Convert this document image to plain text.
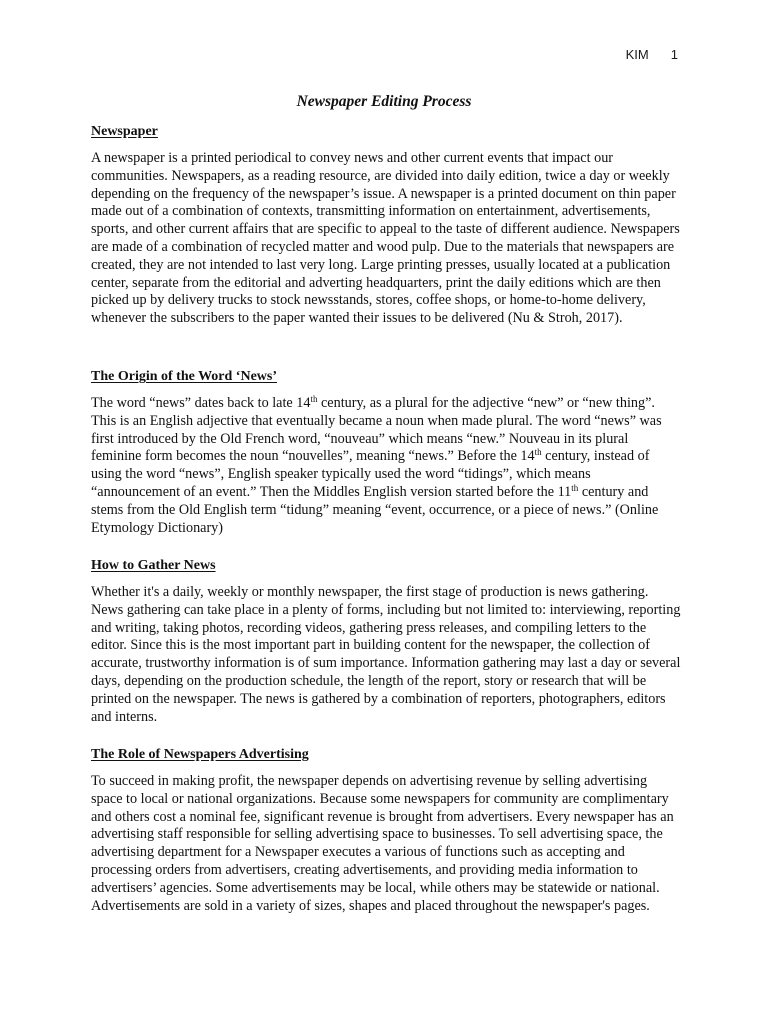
KIM 1
Newspaper Editing Process
Newspaper

A newspaper is a printed periodical to convey news and other current events that impact our communities. Newspapers, as a reading resource, are divided into daily edition, twice a day or weekly depending on the frequency of the newspaper’s issue. A newspaper is a printed document on thin paper made out of a combination of contexts, transmitting information on entertainment, advertisements, sports, and other current affairs that are specific to appeal to the taste of different audience. Newspapers are made of a combination of recycled matter and wood pulp. Due to the materials that newspapers are created, they are not intended to last very long. Large printing presses, usually located at a publication center, separate from the editorial and adverting headquarters, print the daily editions which are then picked up by delivery trucks to stock newsstands, stores, coffee shops, or home-to-home delivery, whenever the subscribers to the paper wanted their issues to be delivered (Nu & Stroh, 2017).

The Origin of the Word ‘News’

The word “news” dates back to late 14th century, as a plural for the adjective “new” or “new thing”. This is an English adjective that eventually became a noun when made plural. The word “news” was first introduced by the Old French word, “nouveau” which means “new.” Nouveau in its plural feminine form becomes the noun “nouvelles”, meaning “news.” Before the 14th century, instead of using the word “news”, English speaker typically used the word “tidings”, which means “announcement of an event.” Then the Middles English version started before the 11th century and stems from the Old English term “tidung” meaning “event, occurrence, or a piece of news.” (Online Etymology Dictionary)

How to Gather News

Whether it's a daily, weekly or monthly newspaper, the first stage of production is news gathering. News gathering can take place in a plenty of forms, including but not limited to: interviewing, reporting and writing, taking photos, recording videos, gathering press releases, and compiling letters to the editor. Since this is the most important part in building content for the newspaper, the collection of accurate, trustworthy information is of sum importance. Information gathering may last a day or several days, depending on the production schedule, the length of the report, story or research that will be printed on the newspaper. The news is gathered by a combination of reporters, photographers, editors and interns.

The Role of Newspapers Advertising

To succeed in making profit, the newspaper depends on advertising revenue by selling advertising space to local or national organizations. Because some newspapers for community are complimentary and others cost a nominal fee, significant revenue is brought from advertisers. Every newspaper has an advertising staff responsible for selling advertising space to businesses. To sell advertising space, the advertising department for a Newspaper executes a various of functions such as accepting and processing orders from advertisers, creating advertisements, and providing media information to advertisers’ agencies. Some advertisements may be local, while others may be statewide or national. Advertisements are sold in a variety of sizes, shapes and placed throughout the newspaper's pages.
